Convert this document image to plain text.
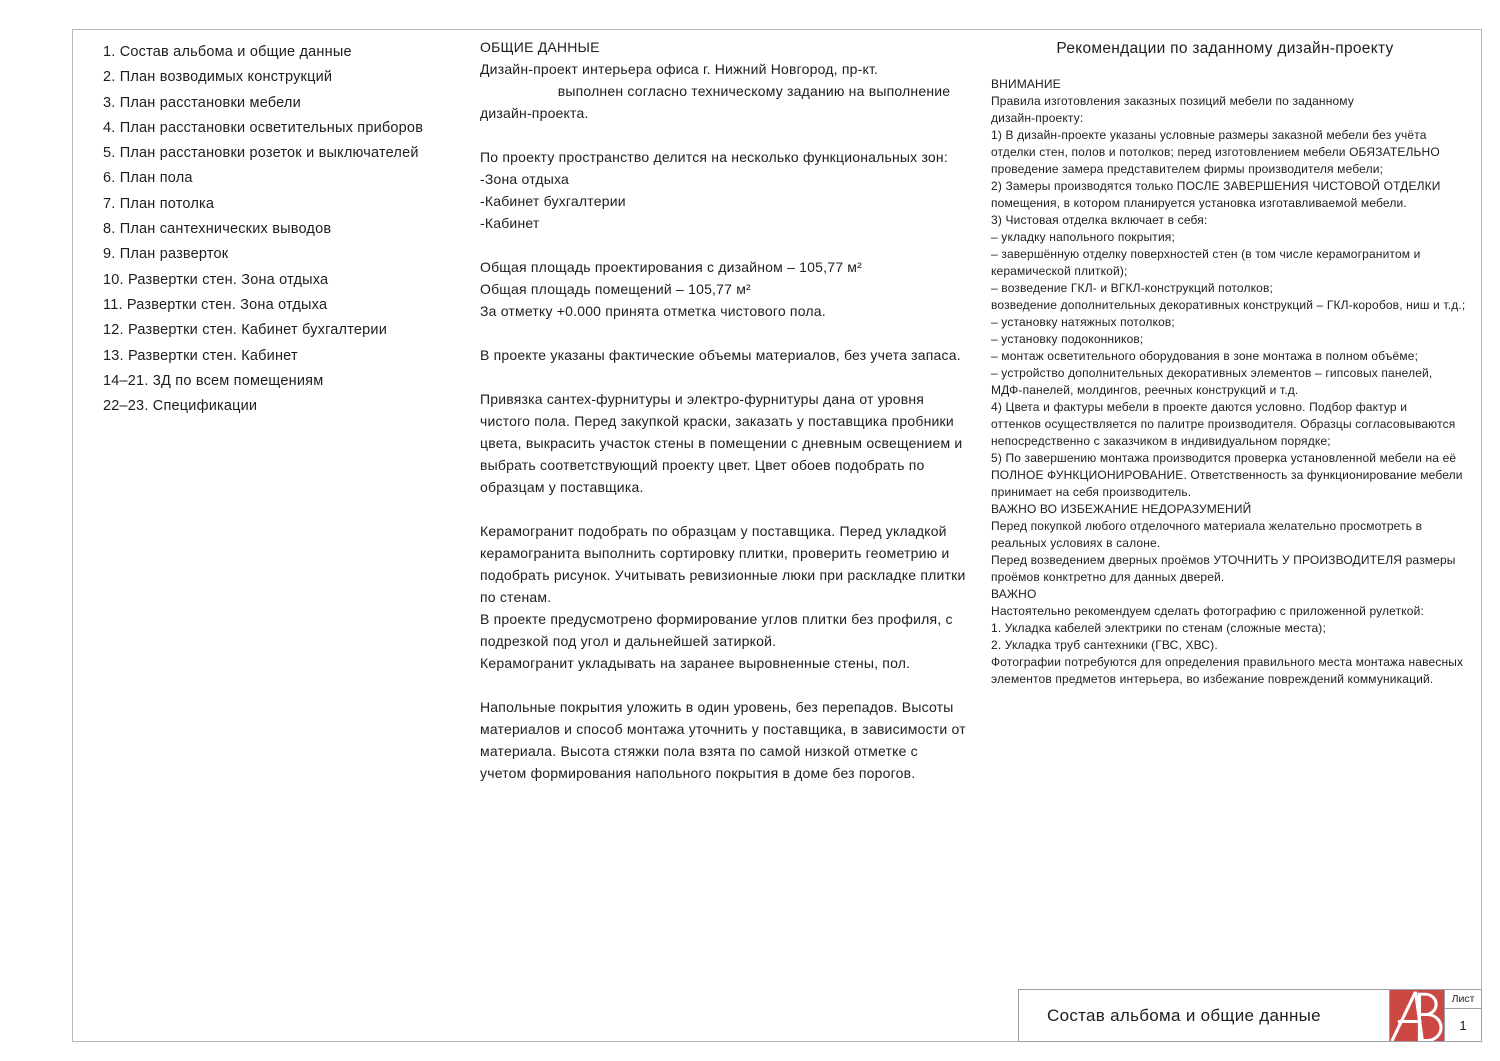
1. Состав альбома и общие данные
2. План возводимых конструкций
3. План расстановки мебели
4. План расстановки осветительных приборов
5. План расстановки розеток и выключателей
6. План пола
7. План потолка
8. План сантехнических выводов
9. План разверток
10. Развертки стен. Зона отдыха
11. Развертки стен. Зона отдыха
12. Развертки стен. Кабинет бухгалтерии
13. Развертки стен. Кабинет
14–21. 3Д по всем помещениям
22–23. Спецификации
ОБЩИЕ ДАННЫЕ
Дизайн-проект интерьера офиса г. Нижний Новгород, пр-кт.
выполнен согласно техническому заданию на выполнение
дизайн-проекта.

По проекту пространство делится на несколько функциональных зон:
-Зона отдыха
-Кабинет бухгалтерии
-Кабинет

Общая площадь проектирования с дизайном – 105,77 м²
Общая площадь помещений – 105,77 м²
За отметку +0.000 принята отметка чистового пола.

В проекте указаны фактические объемы материалов, без учета запаса.

Привязка сантех-фурнитуры и электро-фурнитуры дана от уровня
чистого пола. Перед закупкой краски, заказать у поставщика пробники
цвета, выкрасить участок стены в помещении с дневным освещением и
выбрать соответствующий проекту цвет. Цвет обоев подобрать по
образцам у поставщика.

Керамогранит подобрать по образцам у поставщика. Перед укладкой
керамогранита выполнить сортировку плитки, проверить геометрию и
подобрать рисунок. Учитывать ревизионные люки при раскладке плитки
по стенам.
В проекте предусмотрено формирование углов плитки без профиля, с
подрезкой под угол и дальнейшей затиркой.
Керамогранит укладывать на заранее выровненные стены, пол.

Напольные покрытия уложить в один уровень, без перепадов. Высоты
материалов и способ монтажа уточнить у поставщика, в зависимости от
материала. Высота стяжки пола взята по самой низкой отметке с
учетом формирования напольного покрытия в доме без порогов.
Рекомендации по заданному дизайн-проекту
ВНИМАНИЕ
Правила изготовления заказных позиций мебели по заданному
дизайн-проекту:
1) В дизайн-проекте указаны условные размеры заказной мебели без учёта
отделки стен, полов и потолков; перед изготовлением мебели ОБЯЗАТЕЛЬНО
проведение замера представителем фирмы производителя мебели;
2) Замеры производятся только ПОСЛЕ ЗАВЕРШЕНИЯ ЧИСТОВОЙ ОТДЕЛКИ
помещения, в котором планируется установка изготавливаемой мебели.
3) Чистовая отделка включает в себя:
– укладку напольного покрытия;
– завершённую отделку поверхностей стен (в том числе керамогранитом и
керамической плиткой);
– возведение ГКЛ- и ВГКЛ-конструкций потолков;
возведение дополнительных декоративных конструкций – ГКЛ-коробов, ниш и т.д.;
– установку натяжных потолков;
– установку подоконников;
– монтаж осветительного оборудования в зоне монтажа в полном объёме;
– устройство дополнительных декоративных элементов – гипсовых панелей,
МДФ-панелей, молдингов, реечных конструкций и т.д.
4) Цвета и фактуры мебели в проекте даются условно. Подбор фактур и
оттенков осуществляется по палитре производителя. Образцы согласовываются
непосредственно с заказчиком в индивидуальном порядке;
5) По завершению монтажа производится проверка установленной мебели на её
ПОЛНОЕ ФУНКЦИОНИРОВАНИЕ. Ответственность за функционирование мебели
принимает на себя производитель.
ВАЖНО ВО ИЗБЕЖАНИЕ НЕДОРАЗУМЕНИЙ
Перед покупкой любого отделочного материала желательно просмотреть в
реальных условиях в салоне.
Перед возведением дверных проёмов УТОЧНИТЬ У ПРОИЗВОДИТЕЛЯ размеры
проёмов конктретно для данных дверей.
ВАЖНО
Настоятельно рекомендуем сделать фотографию с приложенной рулеткой:
1. Укладка кабелей электрики по стенам (сложные места);
2. Укладка труб сантехники (ГВС, ХВС).
Фотографии потребуются для определения правильного места монтажа навесных
элементов предметов интерьера, во избежание повреждений коммуникаций.
Состав альбома и общие данные
Лист
1
